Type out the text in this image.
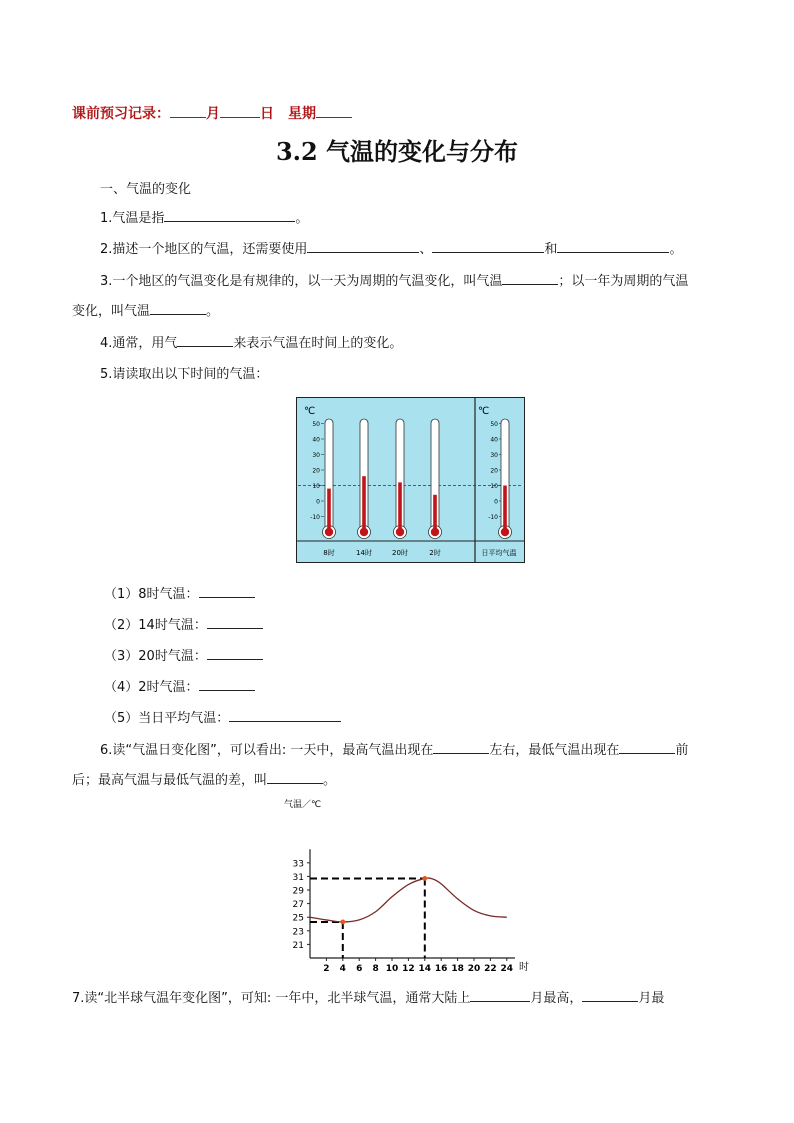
课前预习记录：	月	日 星期
3.2 气温的变化与分布
一、气温的变化
1.气温是指	。
2.描述一个地区的气温，还需要使用	、	和	。
3.一个地区的气温变化是有规律的，以一天为周期的气温变化，叫气温	；以一年为周期的气温
变化，叫气温	。
4.通常，用气	来表示气温在时间上的变化。
5.请读取出以下时间的气温：
℃
50
40
30
20
10
0
-10
8时	14时	20时	2时
℃
50
40
30
20
10
0
-10
日平均气温
（1）8时气温：
（2）14时气温：
（3）20时气温：
（4）2时气温：
（5）当日平均气温：
6.读“气温日变化图”，可以看出: 一天中，最高气温出现在	左右，最低气温出现在	前
后；最高气温与最低气温的差，叫	。
气温／℃
时
21
23
25
27
29
31
33
2 4 6 8 10 12 14 16 18 20 22 24
7.读“北半球气温年变化图”，可知: 一年中，北半球气温，通常大陆上	月最高，	月最
